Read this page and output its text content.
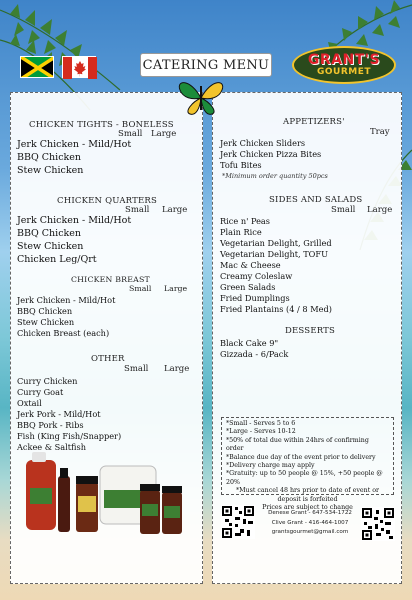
CATERING MENU	GRANT'S
GOURMET
CHICKEN TIGHTS - BONELESS
Small Large
Jerk Chicken - Mild/Hot
BBQ Chicken
Stew Chicken
CHICKEN QUARTERS
Small Large
Jerk Chicken - Mild/Hot
BBQ Chicken
Stew Chicken
Chicken Leg/Qrt
CHICKEN BREAST
Small Large
Jerk Chicken - Mild/Hot
BBQ Chicken
Stew Chicken
Chicken Breast (each)
OTHER
Small Large
Curry Chicken
Curry Goat
Oxtail
Jerk Pork - Mild/Hot
BBQ Pork - Ribs
Fish (King Fish/Snapper)
Ackee & Saltfish
APPETIZERS'
Tray
Jerk Chicken Sliders
Jerk Chicken Pizza Bites
Tofu Bites
*Minimum order quantity 50pcs
SIDES AND SALADS
Small Large
Rice n' Peas
Plain Rice
Vegetarian Delight, Grilled
Vegetarian Delight, TOFU
Mac & Cheese
Creamy Coleslaw
Green Salads
Fried Dumplings
Fried Plantains (4 / 8 Med)
DESSERTS
Black Cake 9"
Gizzada - 6/Pack
*Small - Serves 5 to 6
*Large - Serves 10-12
*50% of total due within 24hrs of confirming
order
*Balance due day of the event prior to delivery
*Delivery charge may apply
*Gratuity: up to 50 people @ 15%, +50 people @
20%
*Must cancel 48 hrs prior to date of event or
deposit is forfeited
Prices are subject to change
Denese Grant - 647-534-1722
Clive Grant - 416-464-1007
grantsgourmet@gmail.com
